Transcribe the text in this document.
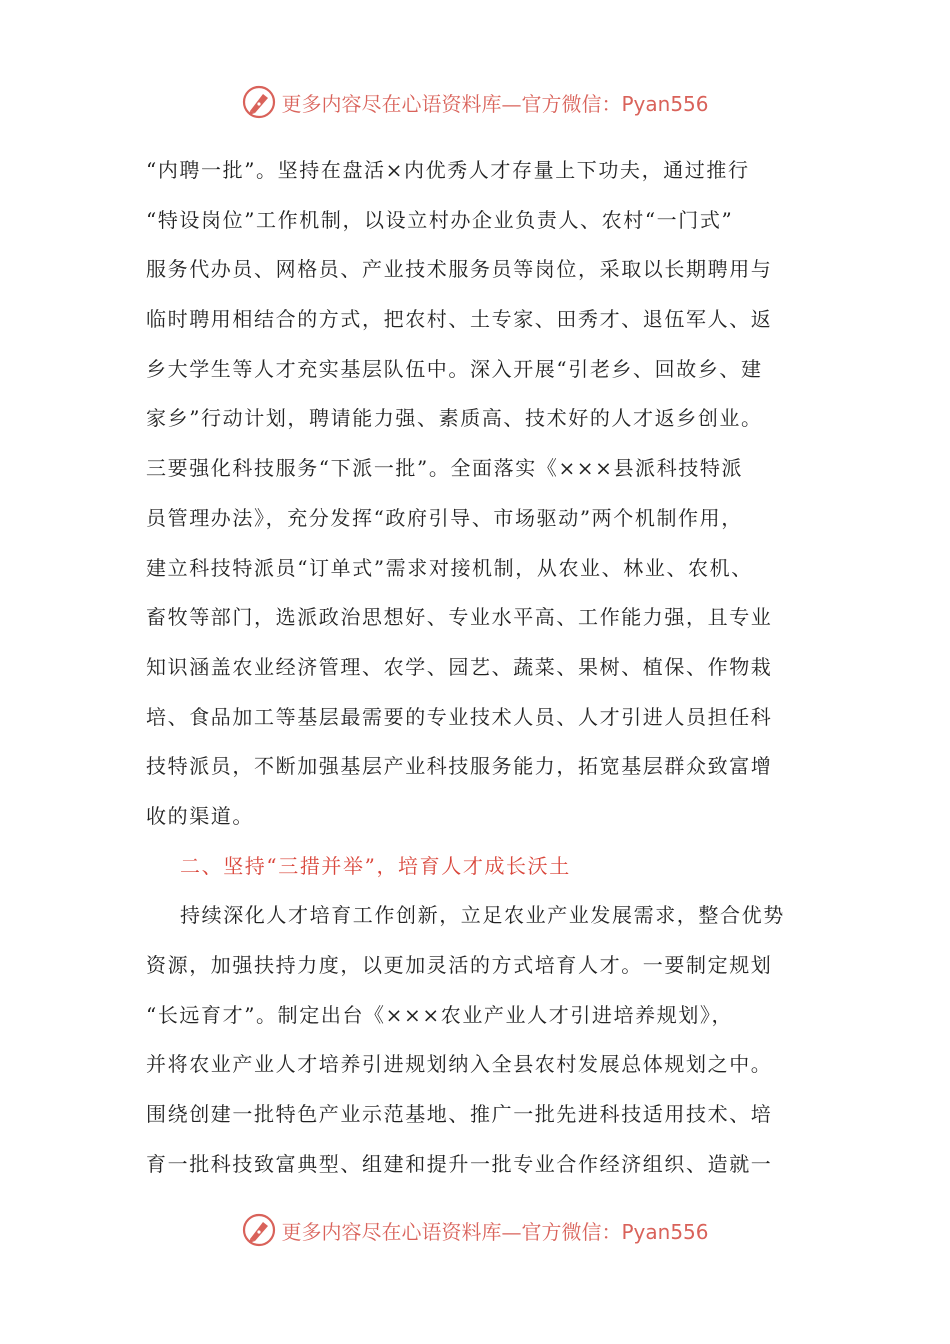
更多内容尽在心语资料库—官方微信：Pyan556
“内聘一批”。坚持在盘活×内优秀人才存量上下功夫，通过推行
“特设岗位”工作机制，以设立村办企业负责人、农村“一门式”
服务代办员、网格员、产业技术服务员等岗位，采取以长期聘用与
临时聘用相结合的方式，把农村、土专家、田秀才、退伍军人、返
乡大学生等人才充实基层队伍中。深入开展“引老乡、回故乡、建
家乡”行动计划，聘请能力强、素质高、技术好的人才返乡创业。
三要强化科技服务“下派一批”。全面落实《×××县派科技特派
员管理办法》，充分发挥“政府引导、市场驱动”两个机制作用，
建立科技特派员“订单式”需求对接机制，从农业、林业、农机、
畜牧等部门，选派政治思想好、专业水平高、工作能力强，且专业
知识涵盖农业经济管理、农学、园艺、蔬菜、果树、植保、作物栽
培、食品加工等基层最需要的专业技术人员、人才引进人员担任科
技特派员，不断加强基层产业科技服务能力，拓宽基层群众致富增
收的渠道。
二、坚持“三措并举”，培育人才成长沃土
持续深化人才培育工作创新，立足农业产业发展需求，整合优势
资源，加强扶持力度，以更加灵活的方式培育人才。一要制定规划
“长远育才”。制定出台《×××农业产业人才引进培养规划》，
并将农业产业人才培养引进规划纳入全县农村发展总体规划之中。
围绕创建一批特色产业示范基地、推广一批先进科技适用技术、培
育一批科技致富典型、组建和提升一批专业合作经济组织、造就一
更多内容尽在心语资料库—官方微信：Pyan556
